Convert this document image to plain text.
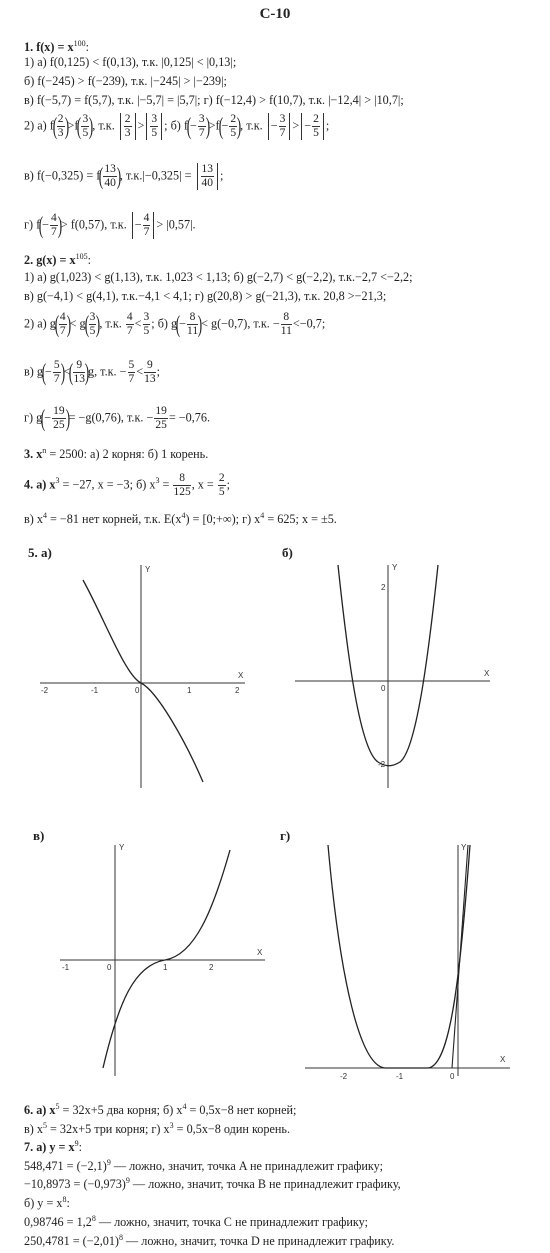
С-10
1. $f(x) = x^{100}$:
1) а) f(0,125) < f(0,13), т.к. |0,125| < |0,13|;
б) f(−245) > f(−239), т.к. |−245| > |−239|;
в) f(−5,7) = f(5,7), т.к. |−5,7| = |5,7|; г) f(−12,4) > f(10,7), т.к. |−12,4| > |10,7|;
2) а) $f( \frac{2}{3} )>f( \frac{3}{5}$ ), т.к. $\frac{2}{3} > \frac{3}{5}$ ; б) $f(- \frac{3}{7} )>f(- \frac{2}{5}$ ), т.к. − $\frac{3}{7}$ > − $\frac{2}{5}$ ;
в) $f(-0,325) = f( \frac{13}{40}$ ), $т.к.|-0,325| = \frac{13}{40}$ ;
г) $f(- \frac{4}{7}$ )> f(0,57), т.к. − $\frac{4}{7} > |0,57|$.
2. $g(x) = x^{105}$:
1) а) g(1,023) < g(1,13), т.к. 1,023 < 1,13; б) g(−2,7) < g(−2,2), т.к.−2,7 <−2,2;
в) g(−4,1) < g(4,1), т.к.−4,1 < 4,1; г) g(20,8) > g(−21,3), т.к. 20,8 >−21,3;
2) а) $g( \frac{4}{7}$ )< $g( \frac{3}{5}$ ), т.к. $\frac{4}{7} < \frac{3}{5}$ ; б) $g(- \frac{8}{11}$ )< g(−0,7), т.к. − $\frac{8}{11} <-0,7$;
в) $g(- \frac{5}{7}$ )<( $\frac{9}{13} )g$, т.к. − $\frac{5}{7} < \frac{9}{13}$ ;
г) $g(- \frac{19}{25}$ )= −g(0,76), т.к. − $\frac{19}{25} = -0,76$.
3. $x^n = 2500$: а) 2 корня: б) 1 корень.
4. а) $x^3 = -27$, x = −3; б) $x^3 = \frac{8}{125}$ , $x = \frac{2}{5}$ ;
в) $x^4 = -81$ нет корней, т.к. $E(x^4)$ = [0;+∞); г) $x^4 = 625$; x = ±5.
5. а)	б)
в)	г)
Y
X
-2	-1	0	1	2
Y
X
2
0
-2
Y
X
-1	0	1	2
Y
X
-2	-1	0
6. а) $x^5 = 32x+5$ два корня; б) $x^4 = 0,5x-8$ нет корней;
в) $x^5 = 32x+5$ три корня; г) $x^3 = 0,5x-8$ один корень.
7. а) $y = x^9$:
$548,471 = (-2,1)^9$ — ложно, значит, точка A не принадлежит графику;
$-10,8973 = (-0,973)^9$ — ложно, значит, точка B не принадлежит графику,
б) $y = x^8$:
$0,98746 = 1,2^8$ — ложно, значит, точка C не принадлежит графику;
$250,4781 = (-2,01)^8$ — ложно, значит, точка D не принадлежит графику.
